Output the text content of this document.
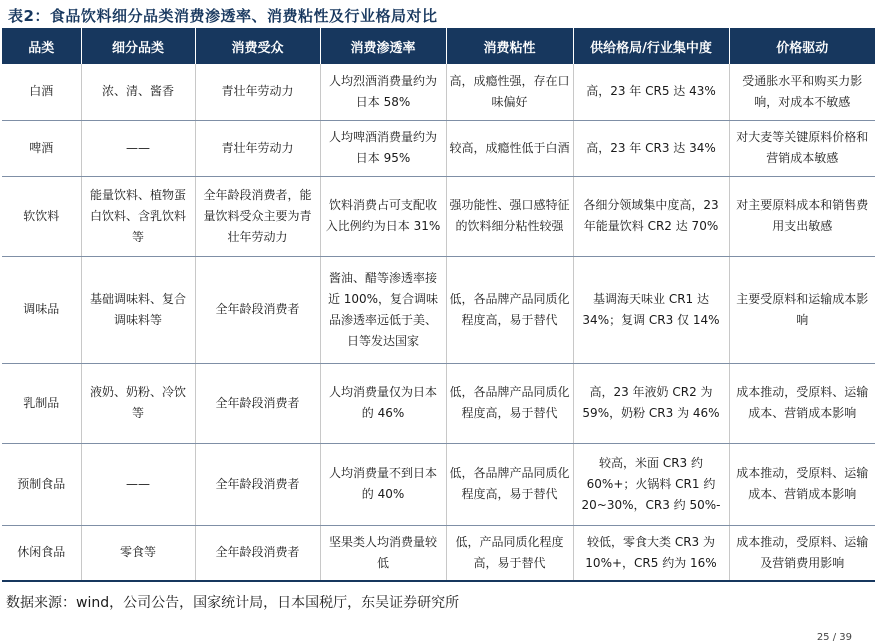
表2：食品饮料细分品类消费渗透率、消费粘性及行业格局对比
品类	细分品类	消费受众	消费渗透率	消费粘性	供给格局/行业集中度	价格驱动
白酒	浓、清、酱香	青壮年劳动力	人均烈酒消费量约为日本 58%	高，成瘾性强，存在口味偏好	高，23 年 CR5 达 43%	受通胀水平和购买力影响，对成本不敏感
啤酒	——	青壮年劳动力	人均啤酒消费量约为日本 95%	较高，成瘾性低于白酒	高，23 年 CR3 达 34%	对大麦等关键原料价格和营销成本敏感
软饮料	能量饮料、植物蛋白饮料、含乳饮料等	全年龄段消费者，能量饮料受众主要为青壮年劳动力	饮料消费占可支配收入比例约为日本 31%	强功能性、强口感特征的饮料细分粘性较强	各细分领域集中度高，23 年能量饮料 CR2 达 70%	对主要原料成本和销售费用支出敏感
调味品	基础调味料、复合调味料等	全年龄段消费者	酱油、醋等渗透率接近 100%，复合调味品渗透率远低于美、日等发达国家	低，各品牌产品同质化程度高，易于替代	基调海天味业 CR1 达 34%；复调 CR3 仅 14%	主要受原料和运输成本影响
乳制品	液奶、奶粉、冷饮等	全年龄段消费者	人均消费量仅为日本的 46%	低，各品牌产品同质化程度高，易于替代	高，23 年液奶 CR2 为 59%，奶粉 CR3 为 46%	成本推动，受原料、运输成本、营销成本影响
预制食品	——	全年龄段消费者	人均消费量不到日本的 40%	低，各品牌产品同质化程度高，易于替代	较高，米面 CR3 约 60%+；火锅料 CR1 约 20~30%，CR3 约 50%-	成本推动，受原料、运输成本、营销成本影响
休闲食品	零食等	全年龄段消费者	坚果类人均消费量较低	低，产品同质化程度高，易于替代	较低，零食大类 CR3 为 10%+，CR5 约为 16%	成本推动，受原料、运输及营销费用影响
数据来源：wind，公司公告，国家统计局，日本国税厅，东吴证券研究所
25 / 39
